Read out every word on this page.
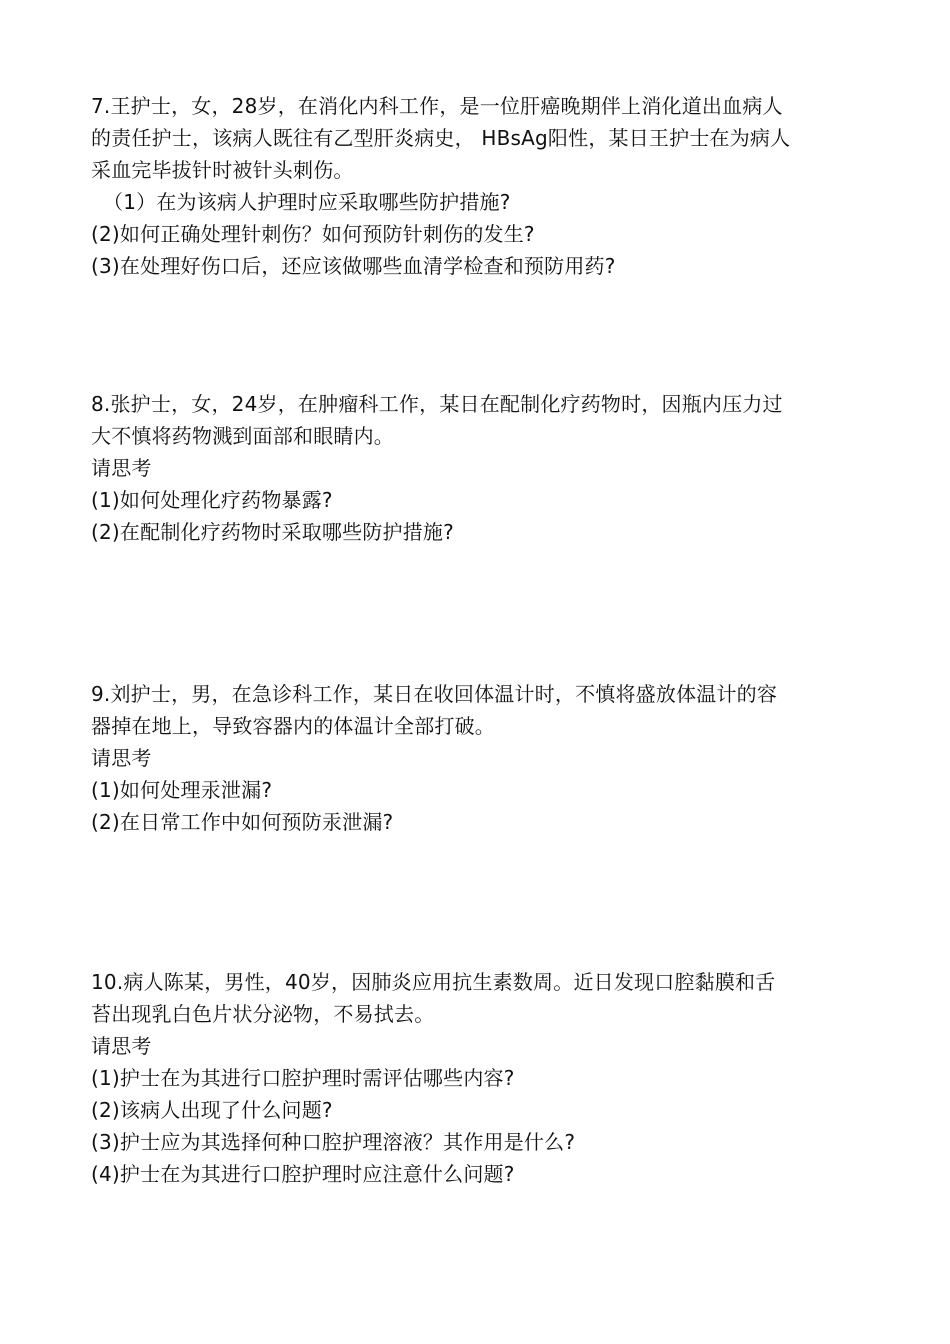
7.王护士，女，28岁，在消化内科工作，是一位肝癌晚期伴上消化道出血病人
的责任护士，该病人既往有乙型肝炎病史， HBsAg阳性，某日王护士在为病人
采血完毕拔针时被针头刺伤。
（1）在为该病人护理时应采取哪些防护措施?
(2)如何正确处理针刺伤？如何预防针刺伤的发生?
(3)在处理好伤口后，还应该做哪些血清学检查和预防用药?
8.张护士，女，24岁，在肿瘤科工作，某日在配制化疗药物时，因瓶内压力过
大不慎将药物溅到面部和眼睛内。
请思考
(1)如何处理化疗药物暴露?
(2)在配制化疗药物时采取哪些防护措施?
9.刘护士，男，在急诊科工作，某日在收回体温计时，不慎将盛放体温计的容
器掉在地上，导致容器内的体温计全部打破。
请思考
(1)如何处理汞泄漏?
(2)在日常工作中如何预防汞泄漏?
10.病人陈某，男性，40岁，因肺炎应用抗生素数周。近日发现口腔黏膜和舌
苔出现乳白色片状分泌物，不易拭去。
请思考
(1)护士在为其进行口腔护理时需评估哪些内容?
(2)该病人出现了什么问题?
(3)护士应为其选择何种口腔护理溶液？其作用是什么?
(4)护士在为其进行口腔护理时应注意什么问题?
